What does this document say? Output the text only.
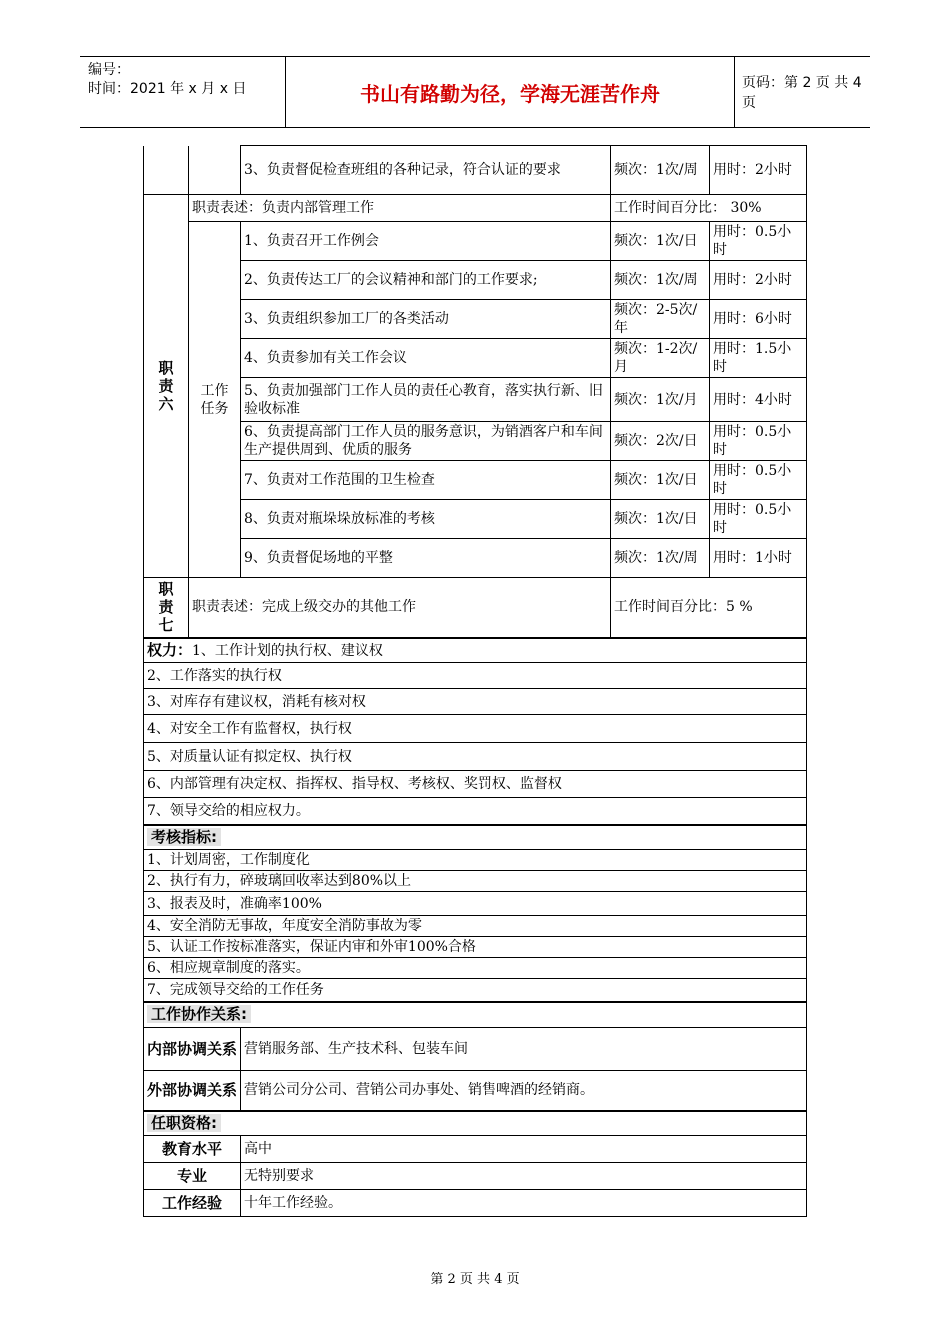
编号：
时间：2021 年 x 月 x 日	书山有路勤为径，学海无涯苦作舟	页码：第 2 页 共 4 页
		3、负责督促检查班组的各种记录，符合认证的要求	频次：1次/周	用时：2小时
职责六	职责表述：负责内部管理工作		工作时间百分比： 30%	
	工作任务	1、负责召开工作例会	频次：1次/日	用时：0.5小时
		2、负责传达工厂的会议精神和部门的工作要求;	频次：1次/周	用时：2小时
		3、负责组织参加工厂的各类活动	频次：2-5次/年	用时：6小时
		4、负责参加有关工作会议	频次：1-2次/月	用时：1.5小时
		5、负责加强部门工作人员的责任心教育，落实执行新、旧验收标准	频次：1次/月	用时：4小时
		6、负责提高部门工作人员的服务意识，为销酒客户和车间生产提供周到、优质的服务	频次：2次/日	用时：0.5小时
		7、负责对工作范围的卫生检查	频次：1次/日	用时：0.5小时
		8、负责对瓶垛垛放标准的考核	频次：1次/日	用时：0.5小时
		9、负责督促场地的平整	频次：1次/周	用时：1小时
职责七	职责表述：完成上级交办的其他工作		工作时间百分比：5 %	
权力：1、工作计划的执行权、建议权				
2、工作落实的执行权				
3、对库存有建议权，消耗有核对权				
4、对安全工作有监督权，执行权				
5、对质量认证有拟定权、执行权				
6、内部管理有决定权、指挥权、指导权、考核权、奖罚权、监督权				
7、领导交给的相应权力。				
考核指标:				
1、计划周密，工作制度化				
2、执行有力，碎玻璃回收率达到80%以上				
3、报表及时，准确率100%				
4、安全消防无事故，年度安全消防事故为零				
5、认证工作按标准落实，保证内审和外审100%合格				
6、相应规章制度的落实。				
7、完成领导交给的工作任务				
工作协作关系:				
内部协调关系		营销服务部、生产技术科、包装车间		
外部协调关系		营销公司分公司、营销公司办事处、销售啤酒的经销商。		
任职资格:				
教育水平		高中		
专业		无特别要求		
工作经验		十年工作经验。		
第 2 页 共 4 页
